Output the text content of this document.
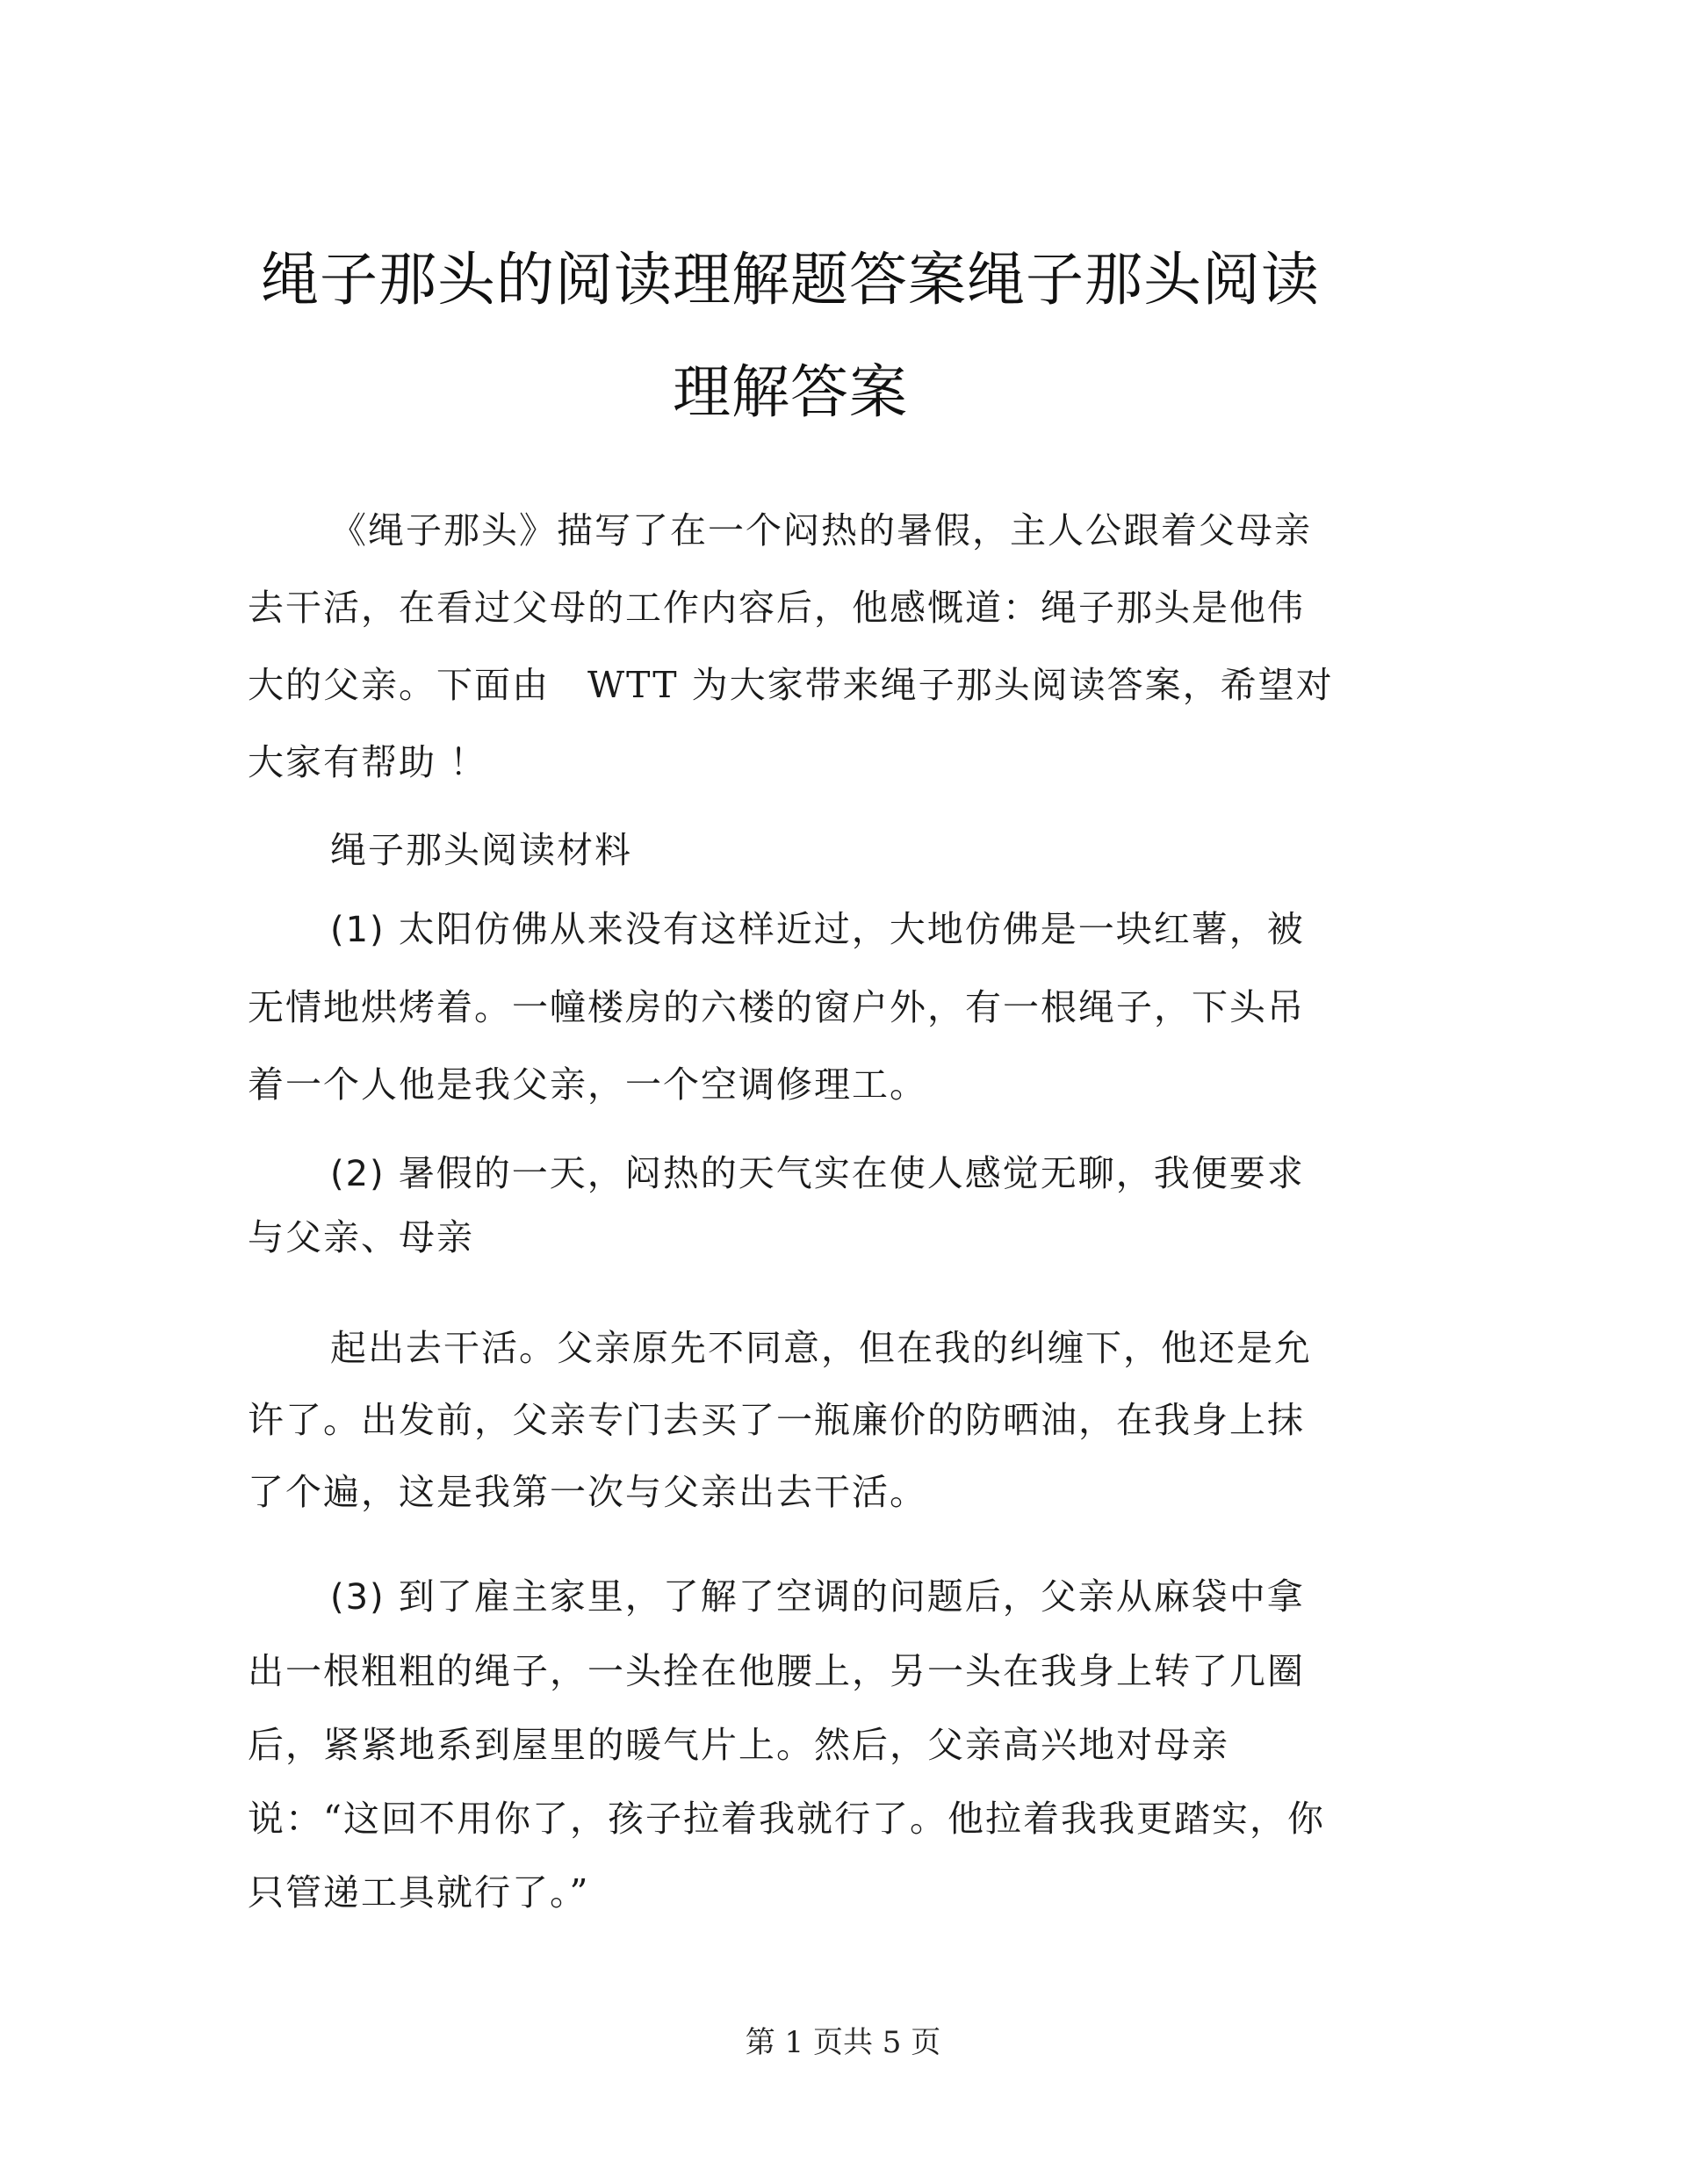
绳子那头的阅读理解题答案绳子那头阅读理解答案

《绳子那头》描写了在一个闷热的暑假，主人公跟着父母亲去干活，在看过父母的工作内容后，他感慨道：绳子那头是他伟大的父亲。下面由　WTT 为大家带来绳子那头阅读答案，希望对大家有帮助 ！

绳子那头阅读材料

(1) 太阳仿佛从来没有这样近过，大地仿佛是一块红薯，被无情地烘烤着。一幢楼房的六楼的窗户外，有一根绳子，下头吊着一个人他是我父亲，一个空调修理工。

(2) 暑假的一天，闷热的天气实在使人感觉无聊，我便要求与父亲、母亲

起出去干活。父亲原先不同意，但在我的纠缠下，他还是允许了。出发前，父亲专门去买了一瓶廉价的防晒油，在我身上抹了个遍，这是我第一次与父亲出去干活。

(3) 到了雇主家里，了解了空调的问题后，父亲从麻袋中拿出一根粗粗的绳子，一头拴在他腰上，另一头在我身上转了几圈后，紧紧地系到屋里的暖气片上。然后，父亲高兴地对母亲说：“这回不用你了，孩子拉着我就行了。他拉着我我更踏实，你只管递工具就行了。”

第 1 页共 5 页
